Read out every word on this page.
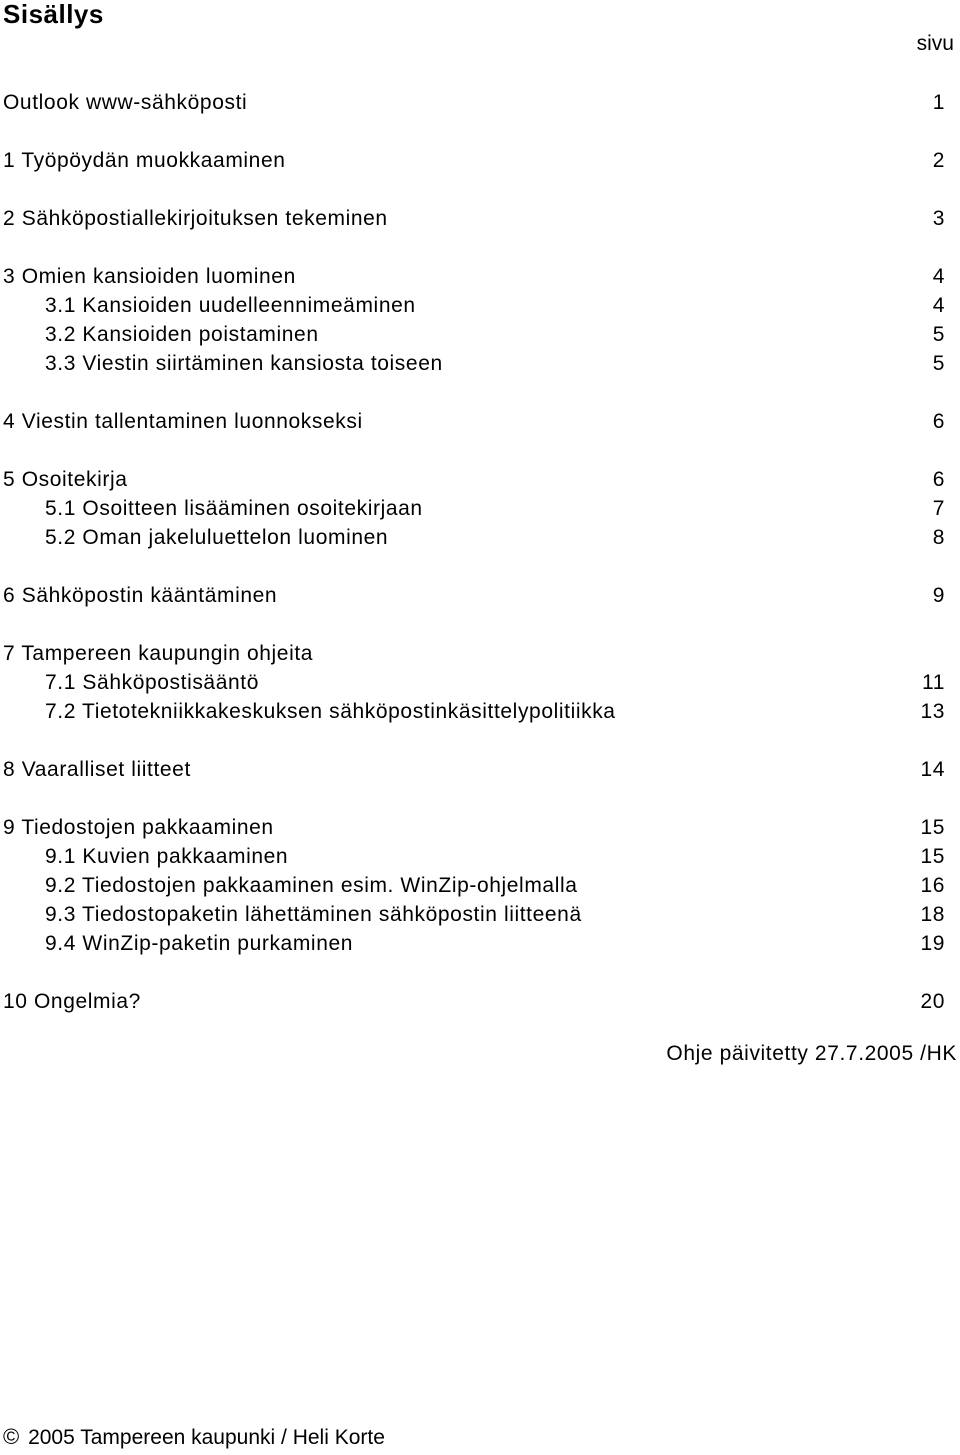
Sisällys
sivu
Outlook www-sähköposti	1
1 Työpöydän muokkaaminen	2
2 Sähköpostiallekirjoituksen tekeminen	3
3 Omien kansioiden luominen	4
3.1 Kansioiden uudelleennimeäminen	4
3.2 Kansioiden poistaminen	5
3.3 Viestin siirtäminen kansiosta toiseen	5
4 Viestin tallentaminen luonnokseksi	6
5 Osoitekirja	6
5.1 Osoitteen lisääminen osoitekirjaan	7
5.2 Oman jakeluluettelon luominen	8
6 Sähköpostin kääntäminen	9
7 Tampereen kaupungin ohjeita
7.1 Sähköpostisääntö	11
7.2 Tietotekniikkakeskuksen sähköpostinkäsittelypolitiikka	13
8 Vaaralliset liitteet	14
9 Tiedostojen pakkaaminen	15
9.1 Kuvien pakkaaminen	15
9.2 Tiedostojen pakkaaminen esim. WinZip-ohjelmalla	16
9.3 Tiedostopaketin lähettäminen sähköpostin liitteenä	18
9.4 WinZip-paketin purkaminen	19
10 Ongelmia?	20
Ohje päivitetty 27.7.2005 /HK
© 2005 Tampereen kaupunki / Heli Korte
